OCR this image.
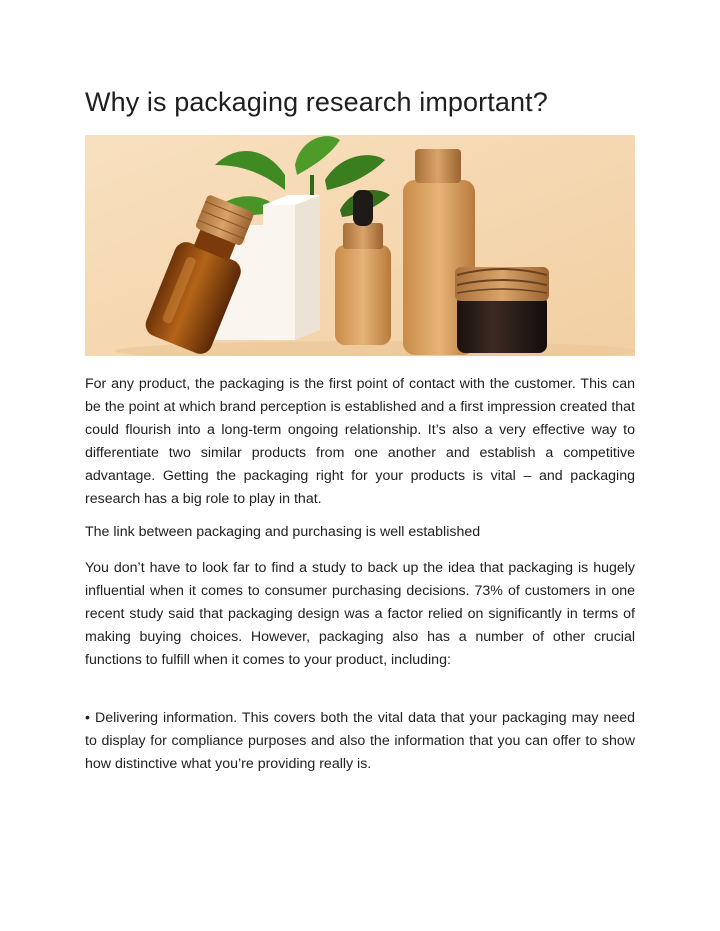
Why is packaging research important?

For any product, the packaging is the first point of contact with the customer. This can be the point at which brand perception is established and a first impression created that could flourish into a long-term ongoing relationship. It’s also a very effective way to differentiate two similar products from one another and establish a competitive advantage. Getting the packaging right for your products is vital – and packaging research has a big role to play in that.

The link between packaging and purchasing is well established

You don’t have to look far to find a study to back up the idea that packaging is hugely influential when it comes to consumer purchasing decisions. 73% of customers in one recent study said that packaging design was a factor relied on significantly in terms of making buying choices. However, packaging also has a number of other crucial functions to fulfill when it comes to your product, including:

• Delivering information. This covers both the vital data that your packaging may need to display for compliance purposes and also the information that you can offer to show how distinctive what you’re providing really is.
